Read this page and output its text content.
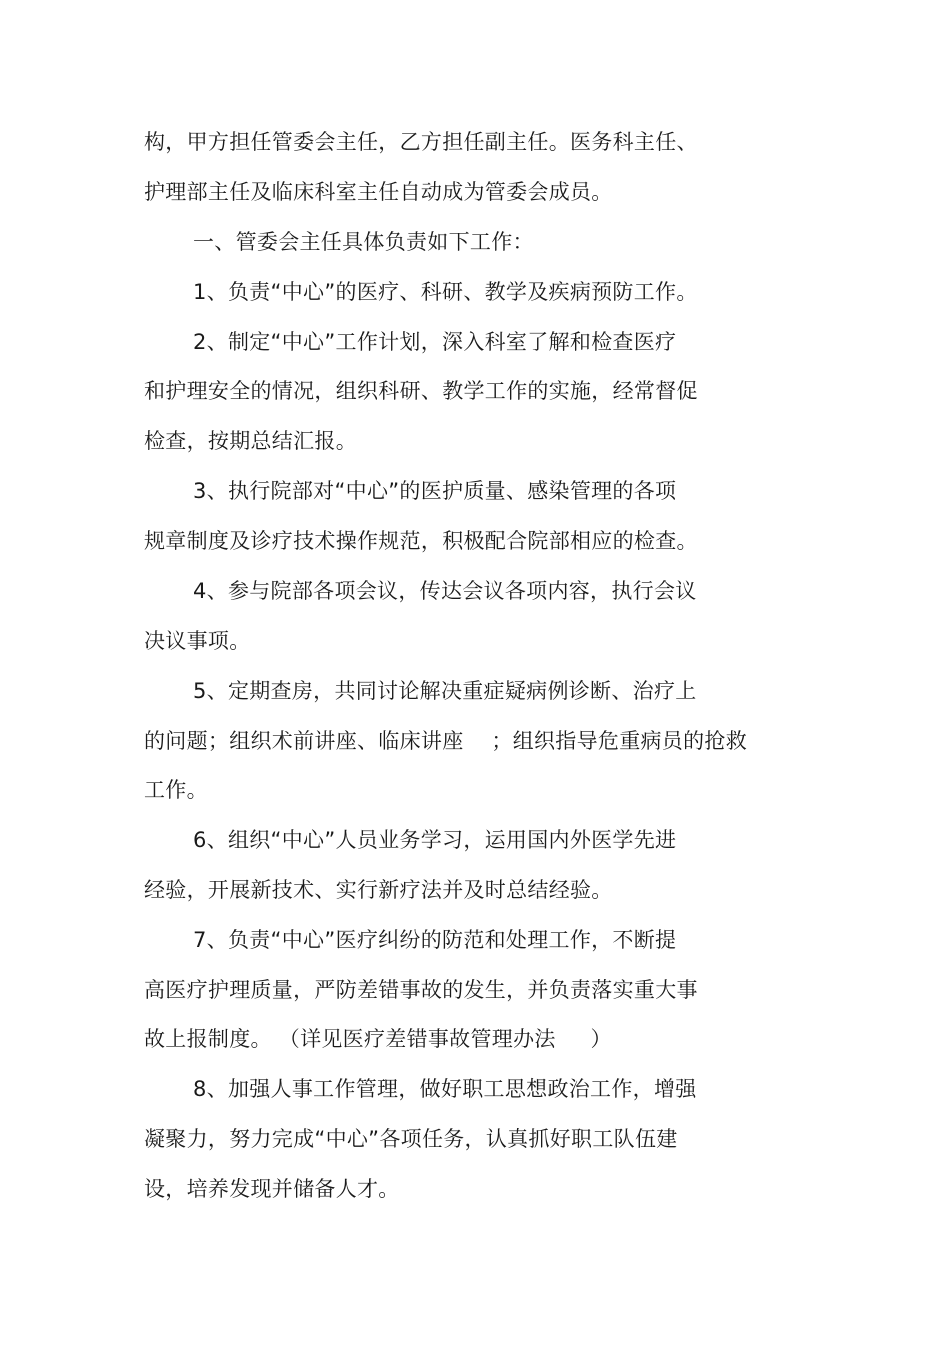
构，甲方担任管委会主任，乙方担任副主任。医务科主任、
护理部主任及临床科室主任自动成为管委会成员。
一、管委会主任具体负责如下工作：
1、负责“中心”的医疗、科研、教学及疾病预防工作。
2、制定“中心”工作计划，深入科室了解和检查医疗
和护理安全的情况，组织科研、教学工作的实施，经常督促
检查，按期总结汇报。
3、执行院部对“中心”的医护质量、感染管理的各项
规章制度及诊疗技术操作规范，积极配合院部相应的检查。
4、参与院部各项会议，传达会议各项内容，执行会议
决议事项。
5、定期查房，共同讨论解决重症疑病例诊断、治疗上
的问题；组织术前讲座、临床讲座    ；组织指导危重病员的抢救
工作。
6、组织“中心”人员业务学习，运用国内外医学先进
经验，开展新技术、实行新疗法并及时总结经验。
7、负责“中心”医疗纠纷的防范和处理工作，不断提
高医疗护理质量，严防差错事故的发生，并负责落实重大事
故上报制度。 （详见医疗差错事故管理办法     ）
8、加强人事工作管理，做好职工思想政治工作，增强
凝聚力，努力完成“中心”各项任务，认真抓好职工队伍建
设，培养发现并储备人才。
